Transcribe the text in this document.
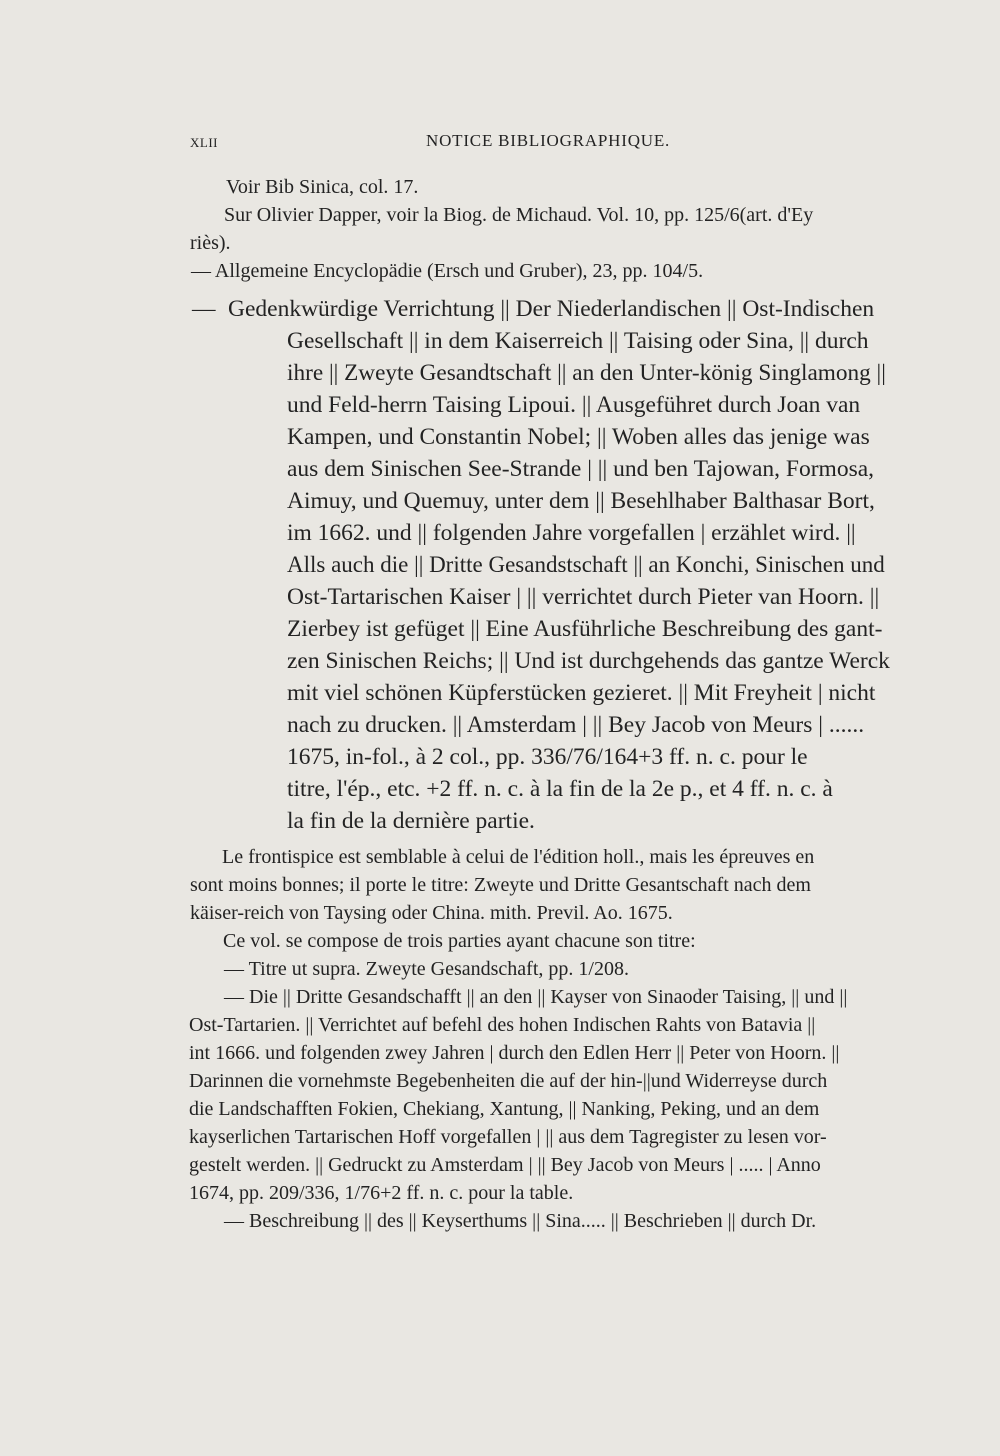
XLII	NOTICE BIBLIOGRAPHIQUE.
Voir Bib Sinica, col. 17.
Sur Olivier Dapper, voir la Biog. de Michaud. Vol. 10, pp. 125/6(art. d'Ey
riès).
— Allgemeine Encyclopädie (Ersch und Gruber), 23, pp. 104/5.
— Gedenkwürdige Verrichtung || Der Niederlandischen || Ost-Indischen
Gesellschaft || in dem Kaiserreich || Taising oder Sina, || durch
ihre || Zweyte Gesandtschaft || an den Unter-könig Singlamong ||
und Feld-herrn Taising Lipoui. || Ausgeführet durch Joan van
Kampen, und Constantin Nobel; || Woben alles das jenige was
aus dem Sinischen See-Strande | || und ben Tajowan, Formosa,
Aimuy, und Quemuy, unter dem || Besehlhaber Balthasar Bort,
im 1662. und || folgenden Jahre vorgefallen | erzählet wird. ||
Alls auch die || Dritte Gesandstschaft || an Konchi, Sinischen und
Ost-Tartarischen Kaiser | || verrichtet durch Pieter van Hoorn. ||
Zierbey ist gefüget || Eine Ausführliche Beschreibung des gant-
zen Sinischen Reichs; || Und ist durchgehends das gantze Werck
mit viel schönen Küpferstücken gezieret. || Mit Freyheit | nicht
nach zu drucken. || Amsterdam | || Bey Jacob von Meurs | ......
1675, in-fol., à 2 col., pp. 336/76/164+3 ff. n. c. pour le
titre, l'ép., etc. +2 ff. n. c. à la fin de la 2e p., et 4 ff. n. c. à
la fin de la dernière partie.
Le frontispice est semblable à celui de l'édition holl., mais les épreuves en
sont moins bonnes; il porte le titre: Zweyte und Dritte Gesantschaft nach dem
käiser-reich von Taysing oder China. mith. Previl. Ao. 1675.
Ce vol. se compose de trois parties ayant chacune son titre:
— Titre ut supra. Zweyte Gesandschaft, pp. 1/208.
— Die || Dritte Gesandschafft || an den || Kayser von Sinaoder Taising, || und ||
Ost-Tartarien. || Verrichtet auf befehl des hohen Indischen Rahts von Batavia ||
int 1666. und folgenden zwey Jahren | durch den Edlen Herr || Peter von Hoorn. ||
Darinnen die vornehmste Begebenheiten die auf der hin-||und Widerreyse durch
die Landschafften Fokien, Chekiang, Xantung, || Nanking, Peking, und an dem
kayserlichen Tartarischen Hoff vorgefallen | || aus dem Tagregister zu lesen vor-
gestelt werden. || Gedruckt zu Amsterdam | || Bey Jacob von Meurs | ..... | Anno
1674, pp. 209/336, 1/76+2 ff. n. c. pour la table.
— Beschreibung || des || Keyserthums || Sina..... || Beschrieben || durch Dr.
